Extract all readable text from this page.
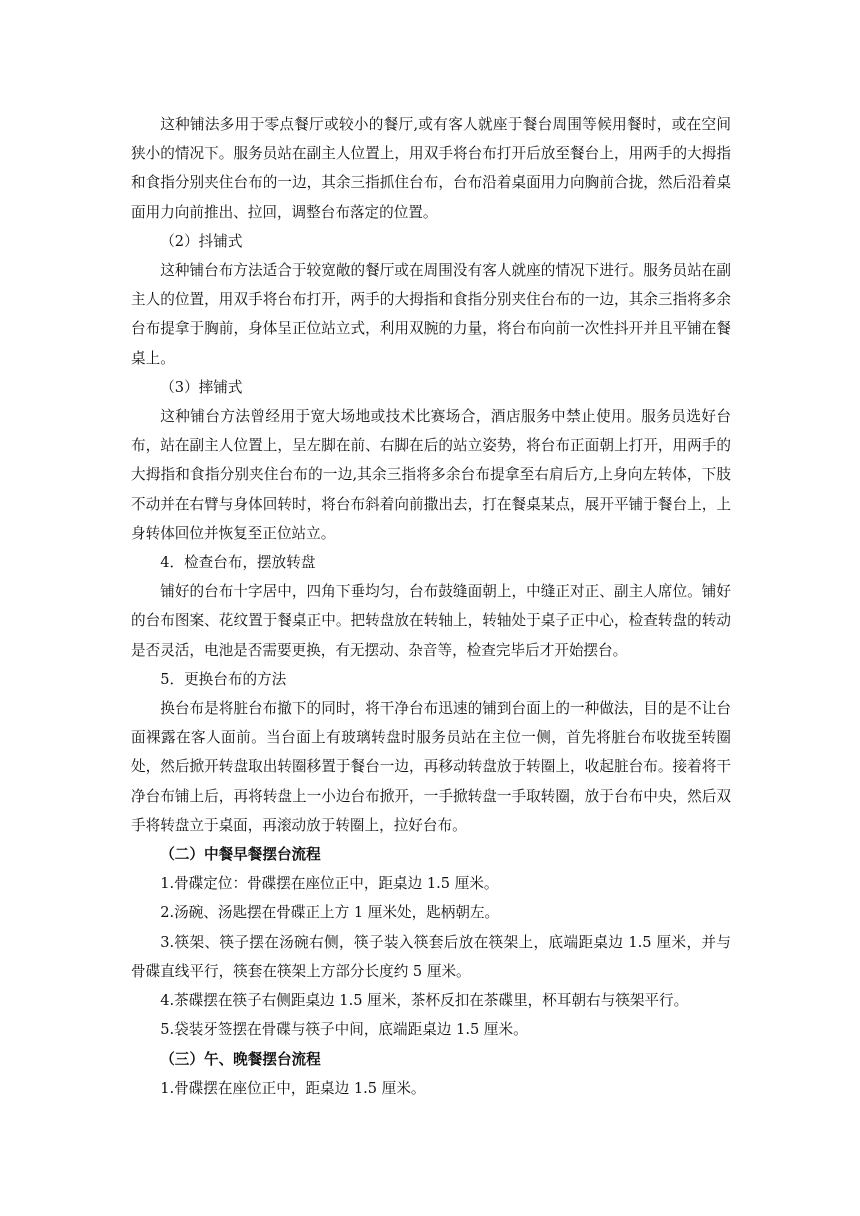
这种铺法多用于零点餐厅或较小的餐厅,或有客人就座于餐台周围等候用餐时，或在空间狭小的情况下。服务员站在副主人位置上，用双手将台布打开后放至餐台上，用两手的大拇指和食指分别夹住台布的一边，其余三指抓住台布，台布沿着桌面用力向胸前合拢，然后沿着桌面用力向前推出、拉回，调整台布落定的位置。

（2）抖铺式

这种铺台布方法适合于较宽敞的餐厅或在周围没有客人就座的情况下进行。服务员站在副主人的位置，用双手将台布打开，两手的大拇指和食指分别夹住台布的一边，其余三指将多余台布提拿于胸前，身体呈正位站立式，利用双腕的力量，将台布向前一次性抖开并且平铺在餐桌上。

（3）摔铺式

这种铺台方法曾经用于宽大场地或技术比赛场合，酒店服务中禁止使用。服务员选好台布，站在副主人位置上，呈左脚在前、右脚在后的站立姿势，将台布正面朝上打开，用两手的大拇指和食指分别夹住台布的一边,其余三指将多余台布提拿至右肩后方,上身向左转体，下肢不动并在右臂与身体回转时，将台布斜着向前撒出去，打在餐桌某点，展开平铺于餐台上，上身转体回位并恢复至正位站立。

4．检查台布，摆放转盘

铺好的台布十字居中，四角下垂均匀，台布鼓缝面朝上，中缝正对正、副主人席位。铺好的台布图案、花纹置于餐桌正中。把转盘放在转轴上，转轴处于桌子正中心，检查转盘的转动是否灵活，电池是否需要更换，有无摆动、杂音等，检查完毕后才开始摆台。

5．更换台布的方法

换台布是将脏台布撤下的同时，将干净台布迅速的铺到台面上的一种做法，目的是不让台面裸露在客人面前。当台面上有玻璃转盘时服务员站在主位一侧，首先将脏台布收拢至转圈处，然后掀开转盘取出转圈移置于餐台一边，再移动转盘放于转圈上，收起脏台布。接着将干净台布铺上后，再将转盘上一小边台布掀开，一手掀转盘一手取转圈，放于台布中央，然后双手将转盘立于桌面，再滚动放于转圈上，拉好台布。

（二）中餐早餐摆台流程

1.骨碟定位：骨碟摆在座位正中，距桌边 1.5 厘米。

2.汤碗、汤匙摆在骨碟正上方 1 厘米处，匙柄朝左。

3.筷架、筷子摆在汤碗右侧，筷子装入筷套后放在筷架上，底端距桌边 1.5 厘米，并与骨碟直线平行，筷套在筷架上方部分长度约 5 厘米。

4.茶碟摆在筷子右侧距桌边 1.5 厘米，茶杯反扣在茶碟里，杯耳朝右与筷架平行。

5.袋装牙签摆在骨碟与筷子中间，底端距桌边 1.5 厘米。

（三）午、晚餐摆台流程

1.骨碟摆在座位正中，距桌边 1.5 厘米。
